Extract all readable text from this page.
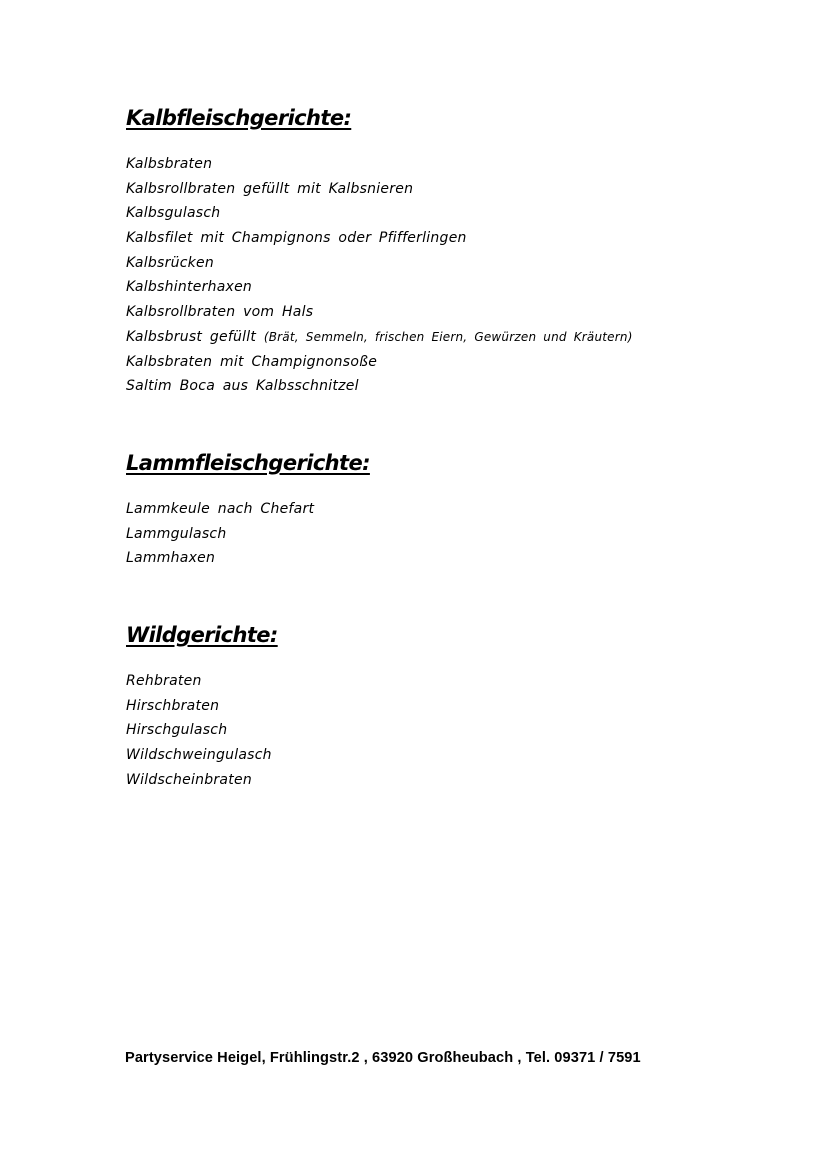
Kalbfleischgerichte:
Kalbsbraten
Kalbsrollbraten gefüllt mit Kalbsnieren
Kalbsgulasch
Kalbsfilet mit Champignons oder Pfifferlingen
Kalbsrücken
Kalbshinterhaxen
Kalbsrollbraten vom Hals
Kalbsbrust gefüllt (Brät, Semmeln, frischen Eiern, Gewürzen und Kräutern)
Kalbsbraten mit Champignonsoße
Saltim Boca aus Kalbsschnitzel
Lammfleischgerichte:
Lammkeule nach Chefart
Lammgulasch
Lammhaxen
Wildgerichte:
Rehbraten
Hirschbraten
Hirschgulasch
Wildschweingulasch
Wildscheinbraten
Partyservice Heigel, Frühlingstr.2 , 63920 Großheubach , Tel. 09371 / 7591
